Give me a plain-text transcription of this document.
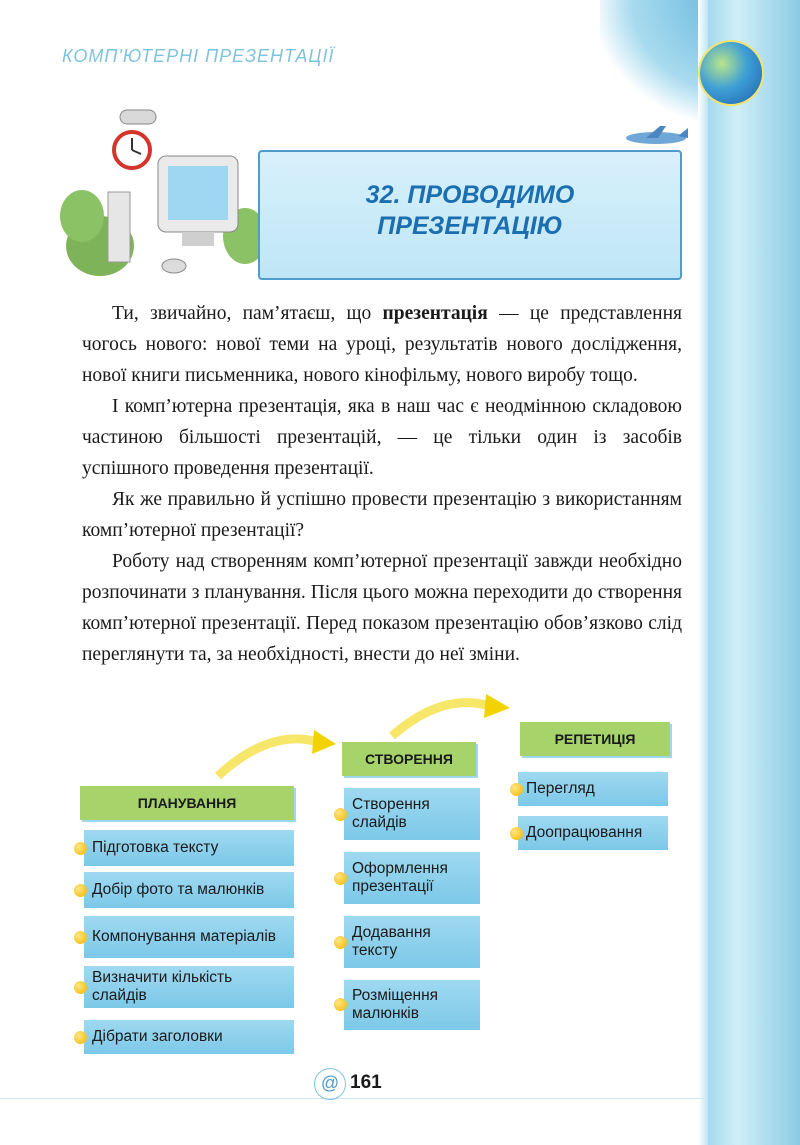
КОМП'ЮТЕРНІ ПРЕЗЕНТАЦІЇ
32. ПРОВОДИМО
ПРЕЗЕНТАЦІЮ

Ти, звичайно, пам’ятаєш, що презентація — це представлення чогось нового: нової теми на уроці, результатів нового дослідження, нової книги письменника, нового кінофільму, нового виробу тощо.

І комп’ютерна презентація, яка в наш час є неодмінною складовою частиною більшості презентацій, — це тільки один із засобів успішного проведення презентації.

Як же правильно й успішно провести презентацію з використанням комп’ютерної презентації?

Роботу над створенням комп’ютерної презентації завжди необхідно розпочинати з планування. Після цього можна переходити до створення комп’ютерної презентації. Перед показом презентацію обов’язково слід переглянути та, за необхідності, внести до неї зміни.

ПЛАНУВАННЯ
Підготовка тексту
Добір фото та малюнків
Компонування матеріалів
Визначити кількість слайдів
Дібрати заголовки
СТВОРЕННЯ
Створення слайдів
Оформлення презентації
Додавання тексту
Розміщення малюнків
РЕПЕТИЦІЯ
Перегляд
Доопрацювання
@ 161
